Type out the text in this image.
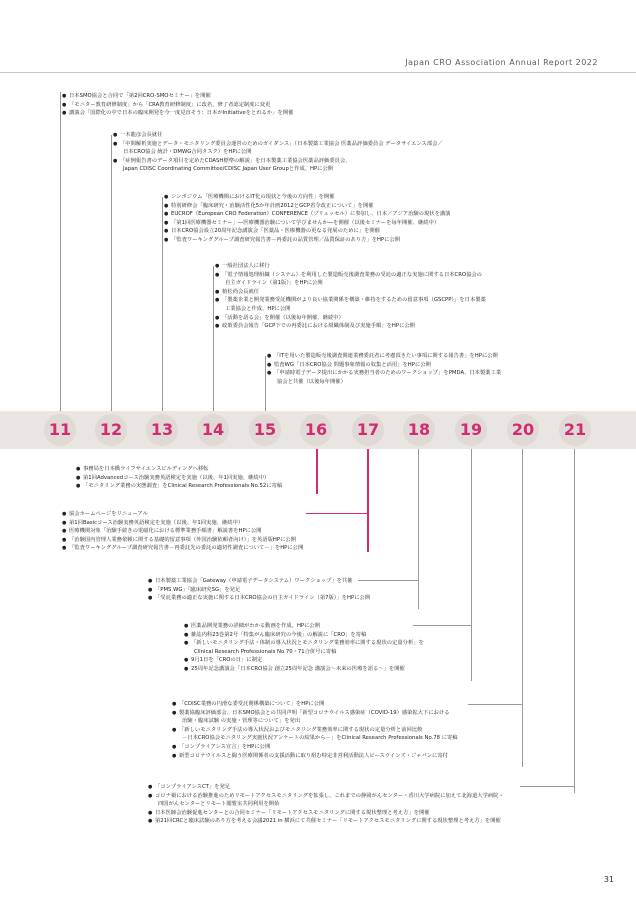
Japan CRO Association Annual Report 2022
11	12	13	14	15	16	17	18	19	20	21
● 日本SMO協会と合同で「第2回CRO-SMOセミナー」を開催
● 「モニター教育研修制度」から「CRA教育研修制度」に改名、修了者認定制度に変更
● 講演会「国際化の中で日本の臨床開発を今一度見直そう：日本がInitiativeをとれるか」を開催
● 一木龍彦会長就任
● 「中間解析実施とデータ・モニタリング委員会運営のためのガイダンス」（日本製薬工業協会 医薬品評価委員会 データサイエンス部会／
日本CRO協会 統計・DMWG合同タスク）をHPに公開
● 「症例報告書のデータ項目を定めたCDASH標準の解説」を日本製薬工業協会医薬品評価委員会、
Japan CDISC Coordinating Committee/CDISC Japan User Groupと作成、HPに公開
● シンポジウム「医療機関におけるIT化の現状と今後の方向性」を開催
● 特別研修会「臨床研究・治験活性化5か年計画2012とGCP省令改正について」を開催
● EUCROF（European CRO Federation）CONFERENCE（ブリュッセル）に参加し、日本／アジア治験の現状を講演
● 「第1回医療機器セミナー」―医療機器治験について学びませんか―を開催（以後セミナーを毎年開催、継続中）
● 日本CRO協会設立20周年記念講演会「医薬品・医療機器の更なる発展のために」を開催
● 「監査ワーキンググループ調査研究報告書－再委託の品質管理／品質保証のあり方」をHPに公開
● 一般社団法人に移行
● 「電子情報処理組織（システム）を利用した製造販売後調査業務の受託の適正な実施に関する日本CRO協会の
自主ガイドライン（第1版）」をHPに公開
● 植松尚会長就任
● 「製薬企業と開発業務受託機関がより良い協業関係を構築・維持をするための留意事項（GSCPP）」を日本製薬
工業協会と作成、HPに公開
● 「活動を語る会」を開催（以後毎年開催、継続中）
● 政策委員会報告「GCP下での再委託における組織体制及び実施手順」をHPに公開
● 「ITを用いた製造販売後調査関連業務委託者に考慮頂きたい事項に関する報告書」をHPに公開
● 監査WG「日本CRO協会 問題事象情報の収集と活用」をHPに公開
● 「申請時電子データ提出にかかる実務担当者のためのワークショップ」をPMDA、日本製薬工業
協会と共催（以後毎年開催）
● 事務局を日本橋ライフサイエンスビルディングへ移転
● 第1回Advancedコース治験実務英語検定を実施（以後、年1回実施、継続中）
● 「モニタリング業務の実態調査」をClinical Research Professionals No.52に寄稿
● 協会ホームページをリニューアル
● 第1回Basicコース治験実務英語検定を実施（以後、年1回実施、継続中）
● 医療機関対象「治験手続きの電磁化における標準業務手順書」解説書をHPに公開
● 「治験国内管理人業務依頼に関する基礎的留意事項（外国治験依頼者向け）」を英語版HPに公開
● 「監査ワーキンググループ調査研究報告書－再委託先の委託の適切性調査について－」をHPに公開
● 日本製薬工業協会「Gateway（申請電子データシステム）ワークショップ」を共催
● 「PMS WG」「臨床研究SG」を発足
● 「受託業務の適正な実施に関する日本CRO協会の自主ガイドライン（第7版）」をHPに公開
● 医薬品開発業務の詳細がわかる動画を作成、HPに公開
● 雑誌内科23巻第2号「特集がん臨床研究の今後」の解説に「CRO」を寄稿
● 「新しいモニタリング手法・体制の導入状況とモニタリング業務効率に関する現状の定量分析」を
Clinical Research Professionals No.70・71合併号に寄稿
● 9月1日を「CROの日」に制定
● 25周年記念講演会「日本CRO協会 創立25周年記念 講演会〜未来の医療を語る〜」を開催
● 「CDISC業務の円滑な委受託関係構築について」をHPに公開
● 製薬協臨床評価部会、日本SMO協会との共同声明「新型コロナウイルス感染症（COVID-19）感染拡大下における
治験・臨床試験 の実施・管理等について」を発出
● 「新しいモニタリング手法の導入状況およびモニタリング業務効率に関する現状の定量分析と前回比較
－日本CRO協会モニタリング実施状況アンケートの結果から－」をClinical Research Professionals No.78 に寄稿
● 「コンプライアンス宣言」をHPに公開
● 新型コロナウイルスと闘う医療関係者の支援活動に取り組む特定非営利活動法人ピースウインズ・ジャパンに寄付
● 「コンプライアンスCT」を発足
● コロナ禍における治験推進のためリモートアクセスモニタリングを拡張し、これまでの静岡がんセンター・香川大学病院に加えて北海道大学病院・
四国がんセンターとリモート閲覧室共同利用を開始
● 日本医師会治験促進センターとの合同セミナー「リモートアクセスモニタリングに関する現状整理と考え方」を開催
● 第21回CRCと臨床試験のあり方を考える会議2021 in 横浜にて共催セミナー「リモートアクセスモニタリングに関する現状整理と考え方」を開催
31
